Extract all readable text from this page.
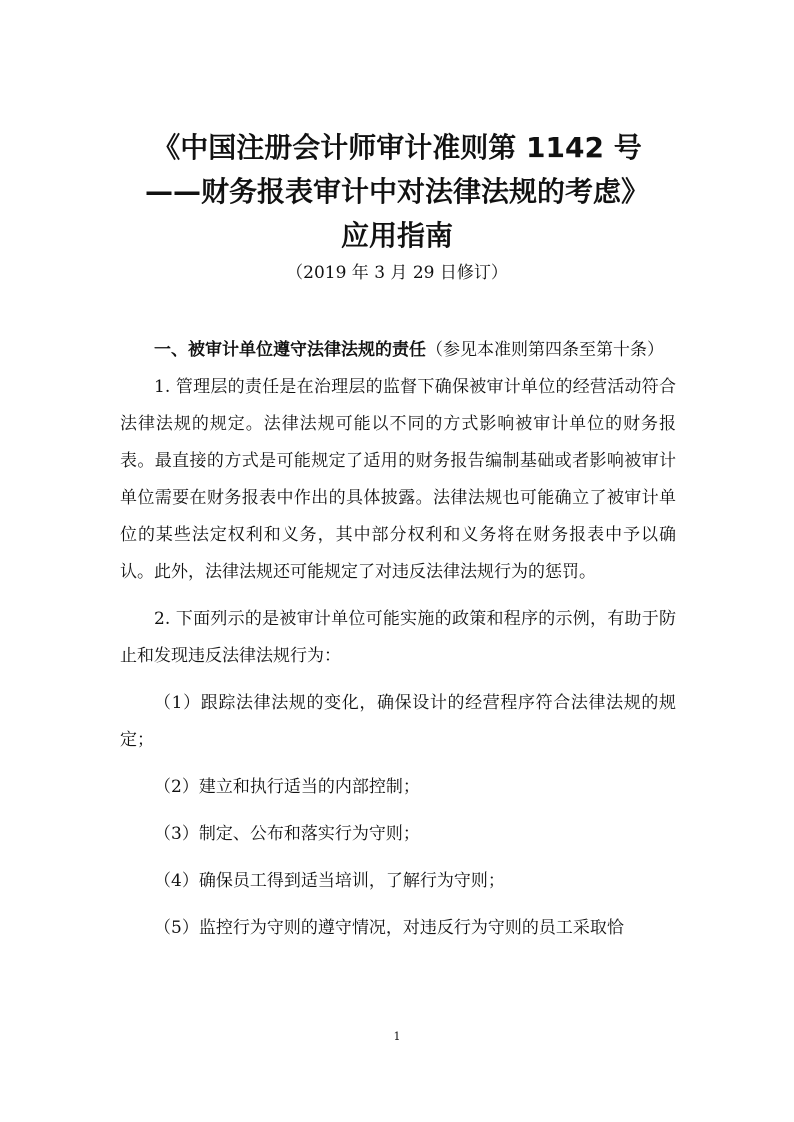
《中国注册会计师审计准则第 1142 号
——财务报表审计中对法律法规的考虑》
应用指南
（2019 年 3 月 29 日修订）

一、被审计单位遵守法律法规的责任（参见本准则第四条至第十条）

1. 管理层的责任是在治理层的监督下确保被审计单位的经营活动符合法律法规的规定。法律法规可能以不同的方式影响被审计单位的财务报表。最直接的方式是可能规定了适用的财务报告编制基础或者影响被审计单位需要在财务报表中作出的具体披露。法律法规也可能确立了被审计单位的某些法定权利和义务，其中部分权利和义务将在财务报表中予以确认。此外，法律法规还可能规定了对违反法律法规行为的惩罚。

2. 下面列示的是被审计单位可能实施的政策和程序的示例，有助于防止和发现违反法律法规行为：

（1）跟踪法律法规的变化，确保设计的经营程序符合法律法规的规定；

（2）建立和执行适当的内部控制；

（3）制定、公布和落实行为守则；

（4）确保员工得到适当培训，了解行为守则；

（5）监控行为守则的遵守情况，对违反行为守则的员工采取恰

1
